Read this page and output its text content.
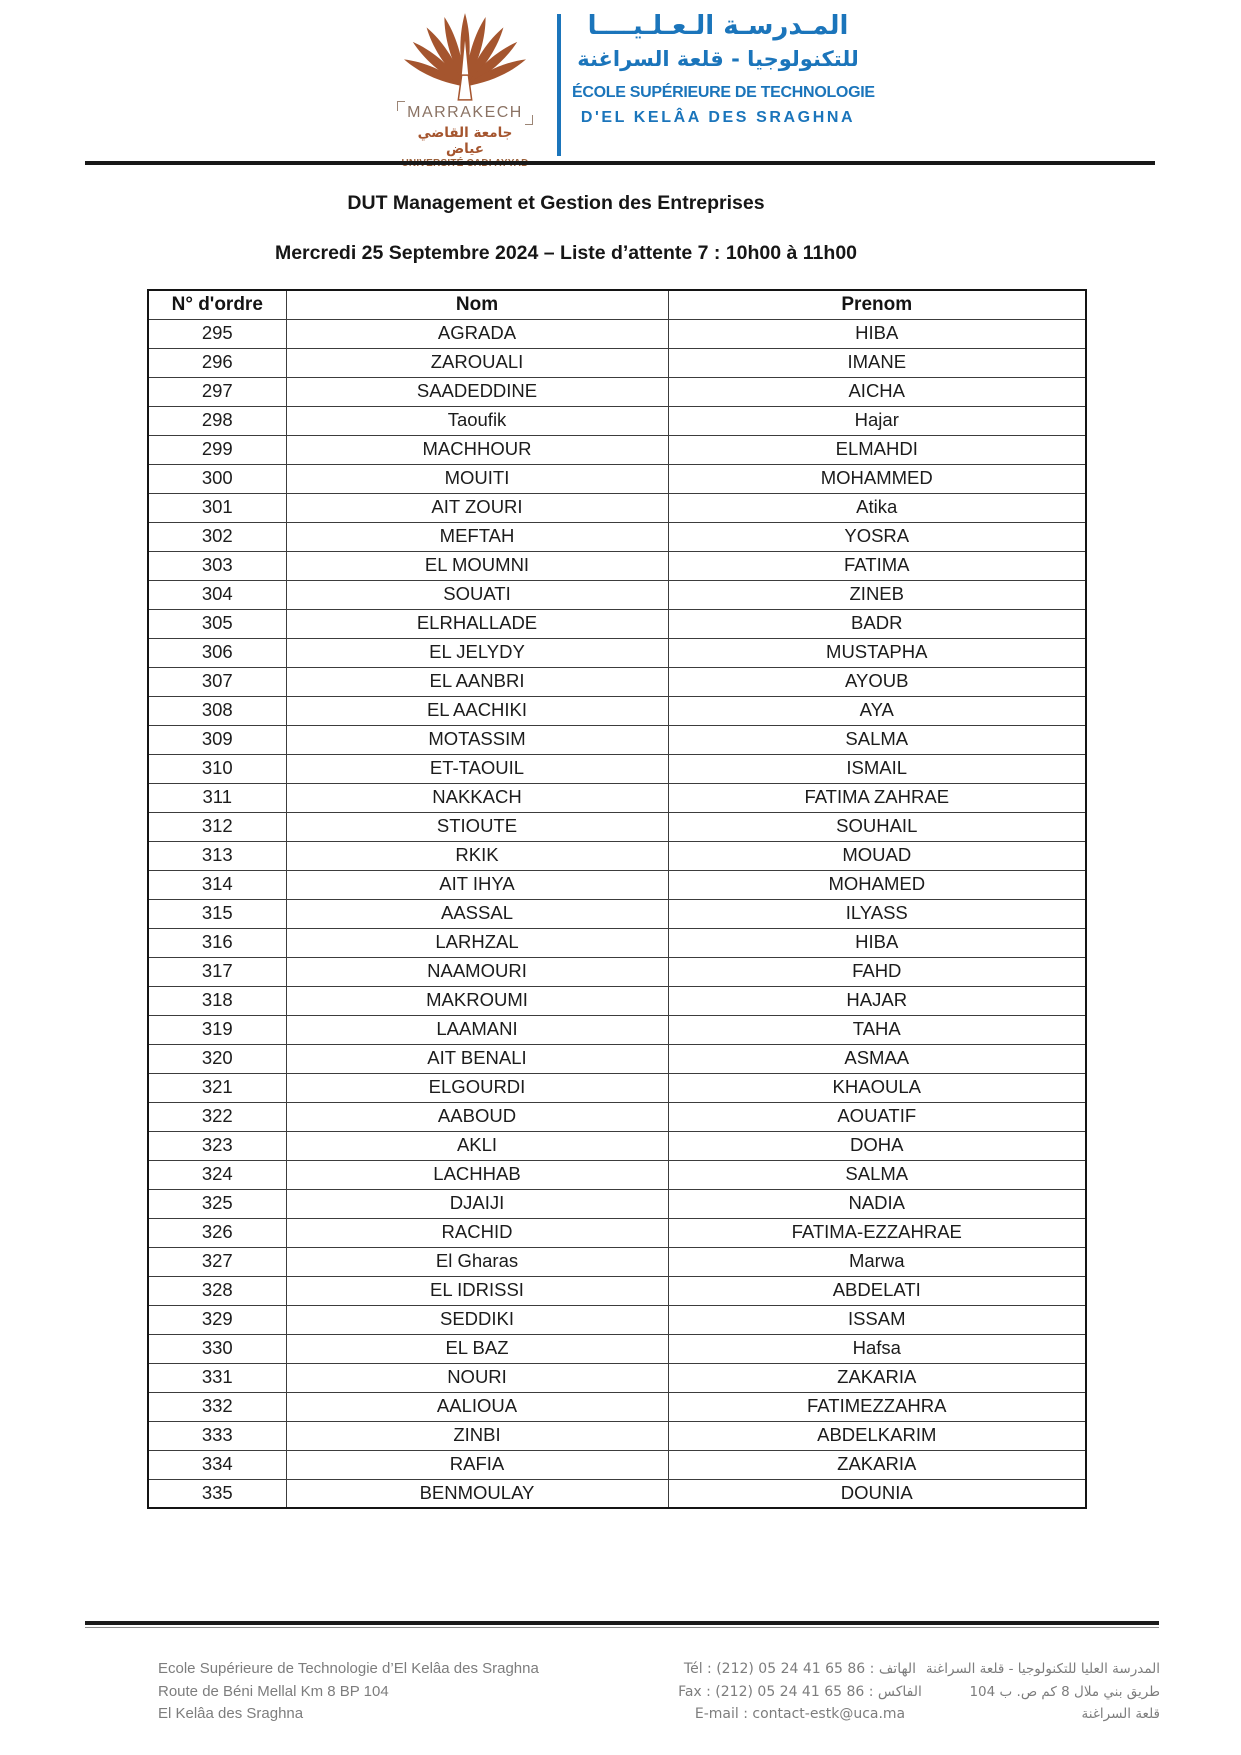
MARRAKECH
جامعة القاضي عياض
المـدرسـة الـعـلـيــــا
للتكنولوجيا - قلعة السراغنة
ÉCOLE SUPÉRIEURE DE TECHNOLOGIE
D'EL KELÂA DES SRAGHNA
DUT Management et Gestion des Entreprises
Mercredi 25 Septembre 2024 – Liste d’attente 7 : 10h00 à 11h00
N° d'ordre	Nom	Prenom
295	AGRADA	HIBA
296	ZAROUALI	IMANE
297	SAADEDDINE	AICHA
298	Taoufik	Hajar
299	MACHHOUR	ELMAHDI
300	MOUITI	MOHAMMED
301	AIT ZOURI	Atika
302	MEFTAH	YOSRA
303	EL MOUMNI	FATIMA
304	SOUATI	ZINEB
305	ELRHALLADE	BADR
306	EL JELYDY	MUSTAPHA
307	EL AANBRI	AYOUB
308	EL AACHIKI	AYA
309	MOTASSIM	SALMA
310	ET-TAOUIL	ISMAIL
311	NAKKACH	FATIMA ZAHRAE
312	STIOUTE	SOUHAIL
313	RKIK	MOUAD
314	AIT IHYA	MOHAMED
315	AASSAL	ILYASS
316	LARHZAL	HIBA
317	NAAMOURI	FAHD
318	MAKROUMI	HAJAR
319	LAAMANI	TAHA
320	AIT BENALI	ASMAA
321	ELGOURDI	KHAOULA
322	AABOUD	AOUATIF
323	AKLI	DOHA
324	LACHHAB	SALMA
325	DJAIJI	NADIA
326	RACHID	FATIMA-EZZAHRAE
327	El Gharas	Marwa
328	EL IDRISSI	ABDELATI
329	SEDDIKI	ISSAM
330	EL BAZ	Hafsa
331	NOURI	ZAKARIA
332	AALIOUA	FATIMEZZAHRA
333	ZINBI	ABDELKARIM
334	RAFIA	ZAKARIA
335	BENMOULAY	DOUNIA
Ecole Supérieure de Technologie d’El Kelâa des Sraghna
Route de Béni Mellal Km 8 BP 104
El Kelâa des Sraghna
Tél : (212) 05 24 41 65 86 : الهاتف
Fax : (212) 05 24 41 65 86 : الفاكس
E-mail : contact-estk@uca.ma
المدرسة العليا للتكنولوجيا - قلعة السراغنة
طريق بني ملال 8 كم ص. ب 104
قلعة السراغنة
